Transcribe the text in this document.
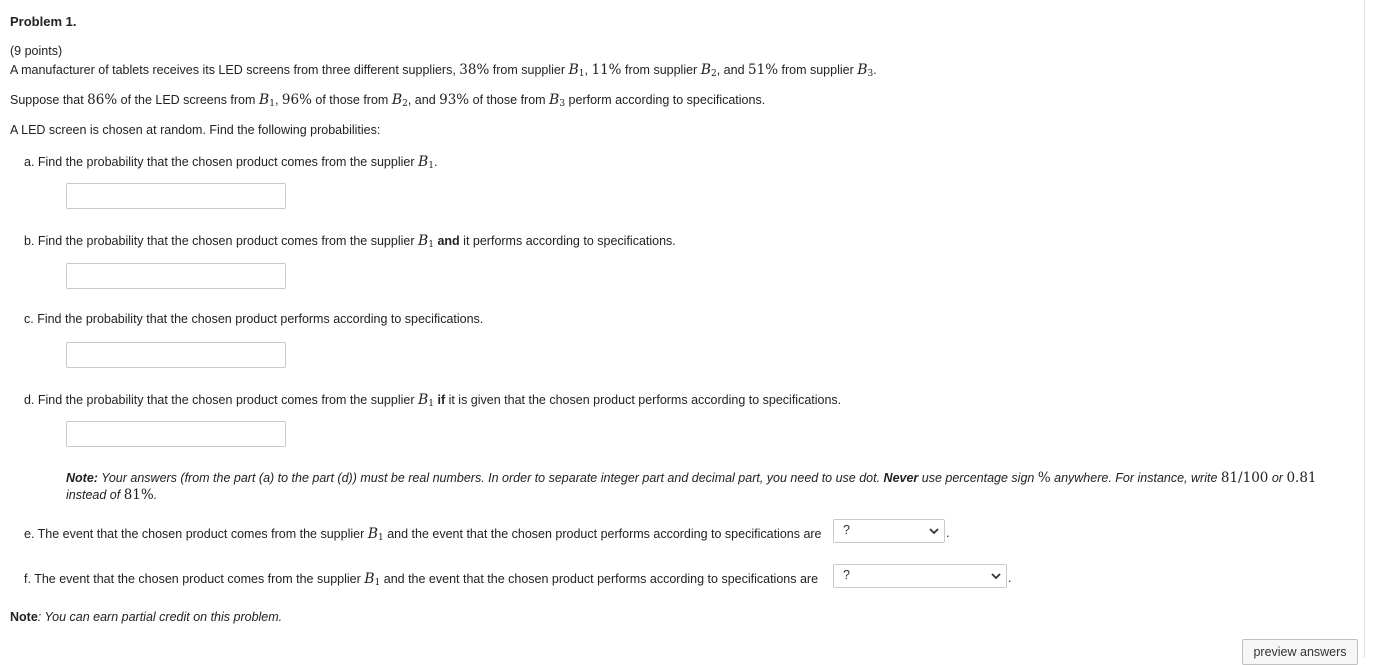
Problem 1.
(9 points)
A manufacturer of tablets receives its LED screens from three different suppliers, 38% from supplier $B_1$, 11% from supplier $B_2$, and 51% from supplier $B_3$.
Suppose that 86% of the LED screens from $B_1$, 96% of those from $B_2$, and 93% of those from $B_3$ perform according to specifications.
A LED screen is chosen at random. Find the following probabilities:
a. Find the probability that the chosen product comes from the supplier $B_1$.
b. Find the probability that the chosen product comes from the supplier $B_1$ and it performs according to specifications.
c. Find the probability that the chosen product performs according to specifications.
d. Find the probability that the chosen product comes from the supplier $B_1$ if it is given that the chosen product performs according to specifications.
Note: Your answers (from the part (a) to the part (d)) must be real numbers. In order to separate integer part and decimal part, you need to use dot. Never use percentage sign % anywhere. For instance, write 81/100 or 0.81
instead of 81%.
e. The event that the chosen product comes from the supplier $B_1$ and the event that the chosen product performs according to specifications are ?	.
f. The event that the chosen product comes from the supplier $B_1$ and the event that the chosen product performs according to specifications are ?	.
Note: You can earn partial credit on this problem.
preview answers
